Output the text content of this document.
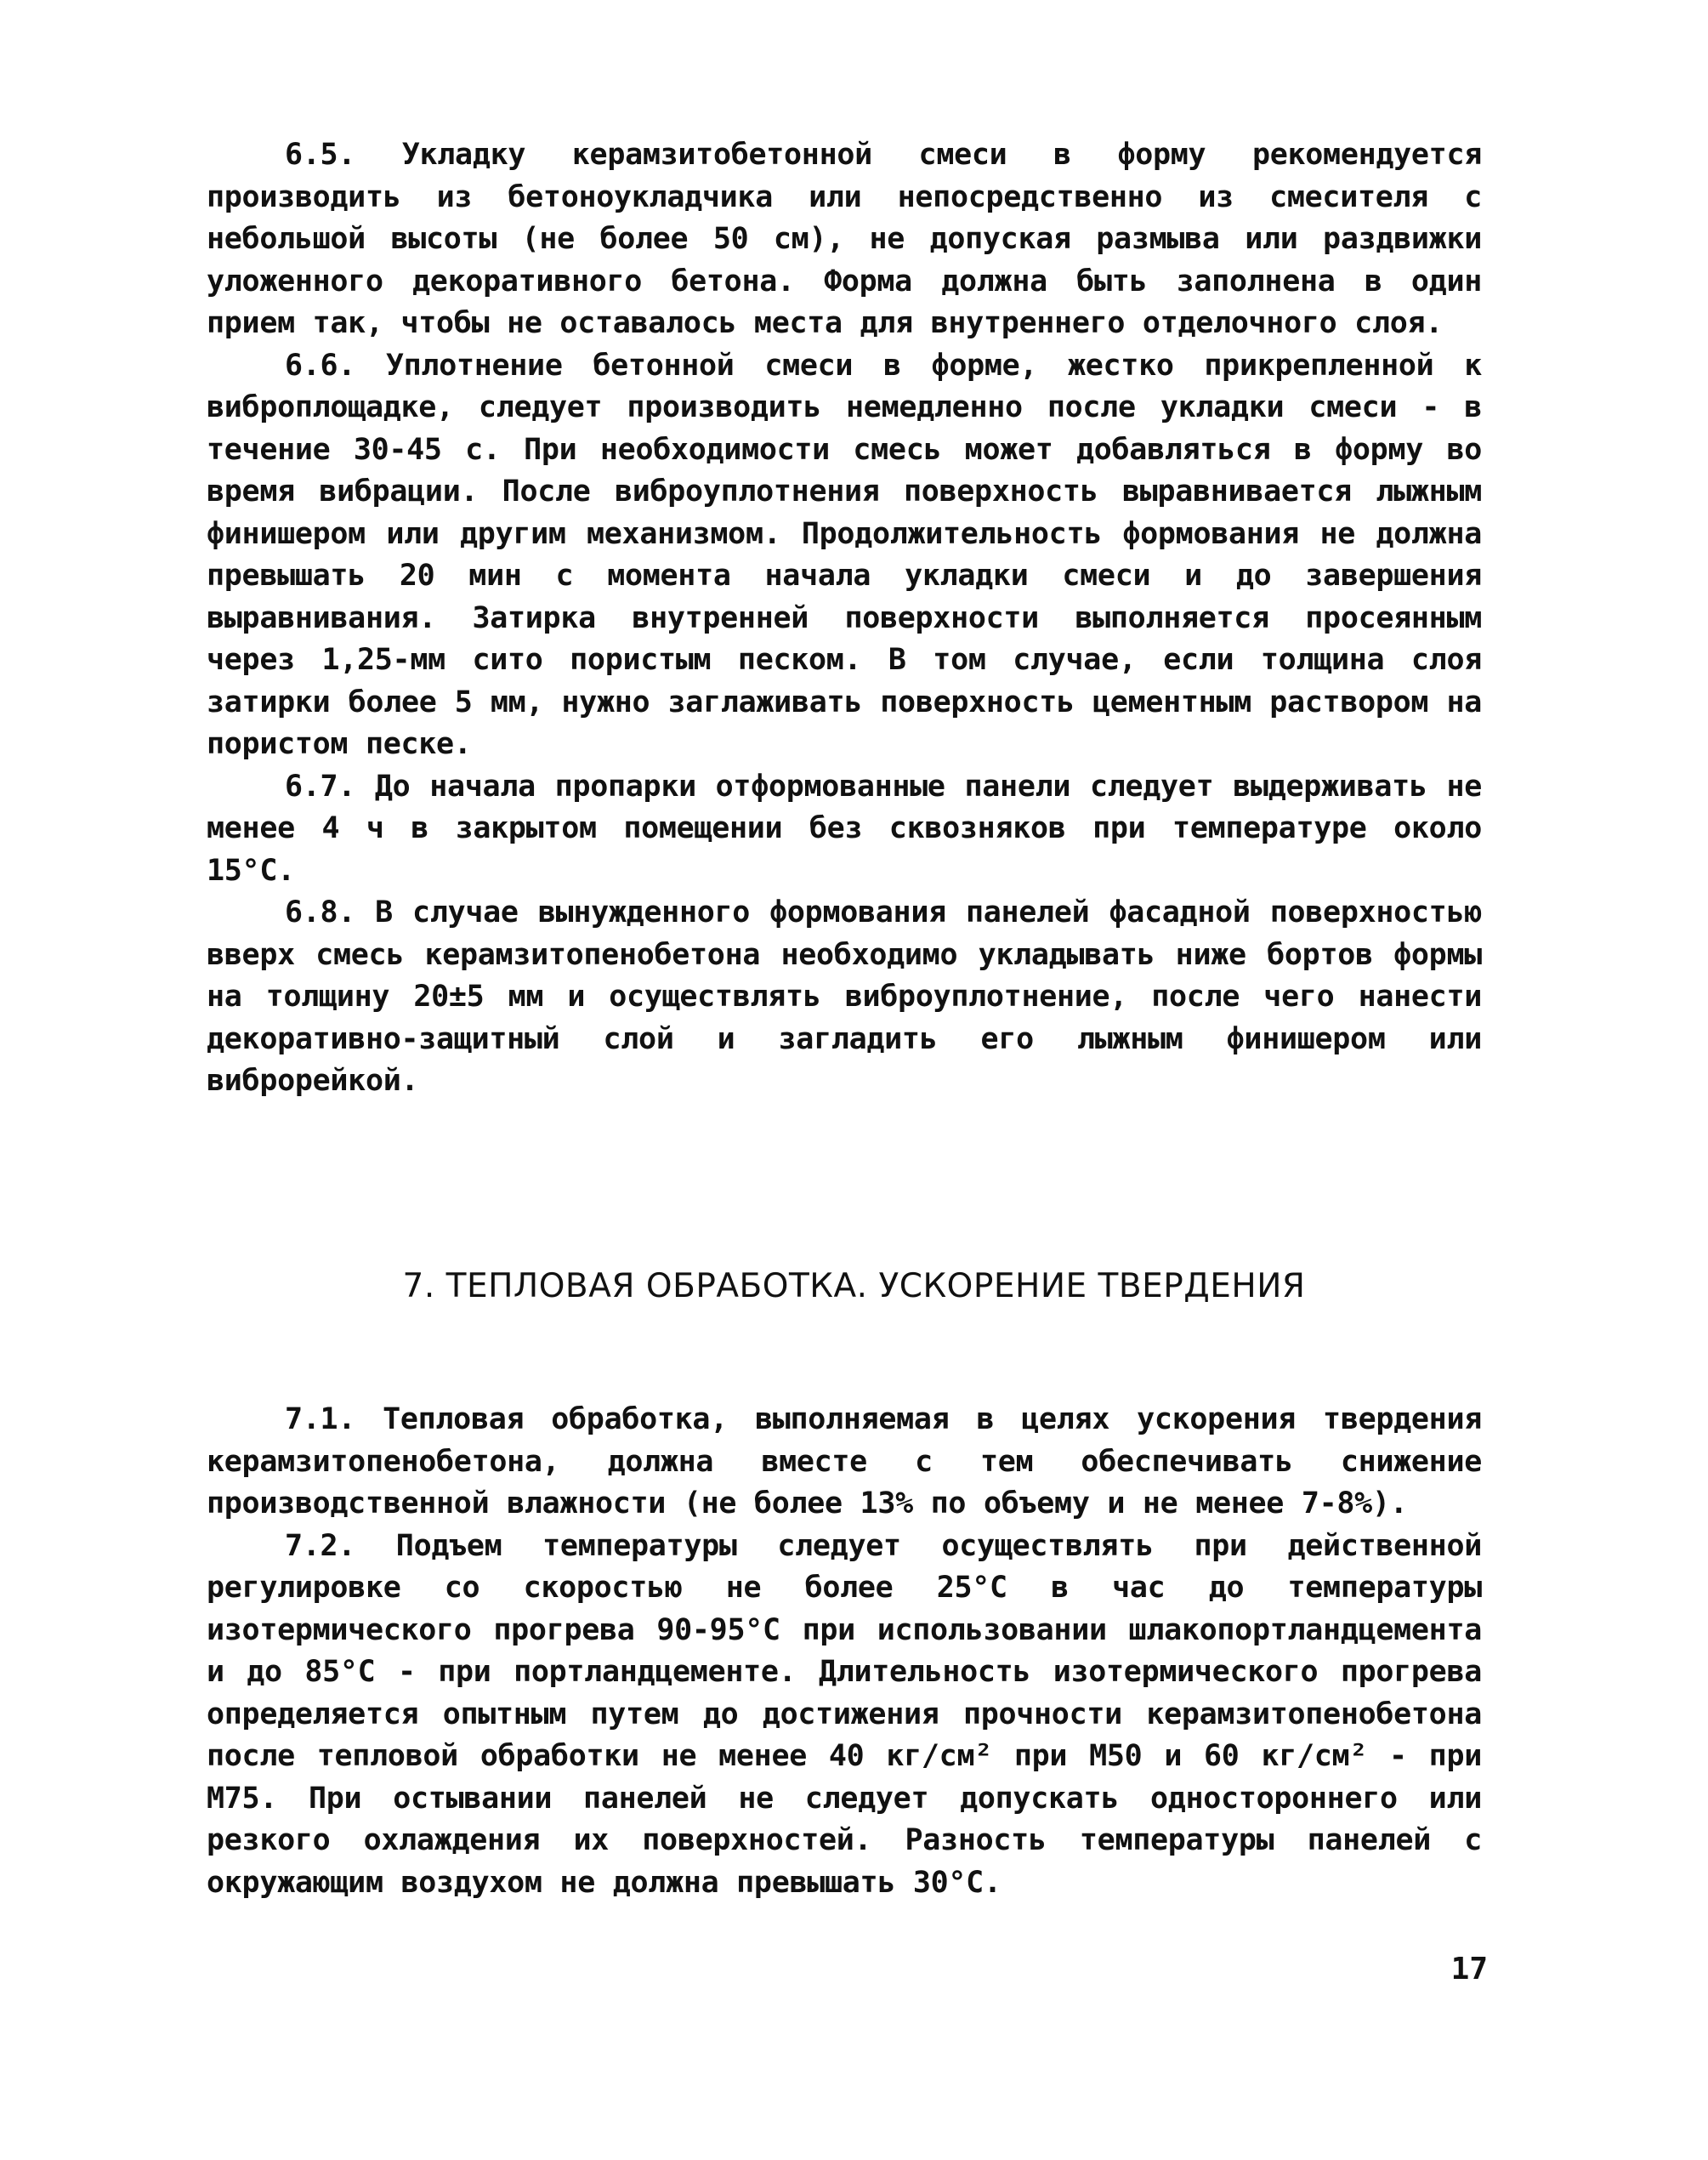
6.5. Укладку керамзитобетонной смеси в форму рекомендуется производить из бетоноукладчика или непосредственно из смесителя с небольшой высоты (не более 50 см), не допуская размыва или раздвижки уложенного декоративного бетона. Форма должна быть заполнена в один прием так, чтобы не оставалось места для внутреннего отделочного слоя.

6.6. Уплотнение бетонной смеси в форме, жестко прикрепленной к виброплощадке, следует производить немедленно после укладки смеси - в течение 30-45 с. При необходимости смесь может добавляться в форму во время вибрации. После виброуплотнения поверхность выравнивается лыжным финишером или другим механизмом. Продолжительность формования не должна превышать 20 мин с момента начала укладки смеси и до завершения выравнивания. Затирка внутренней поверхности выполняется просеянным через 1,25-мм сито пористым песком. В том случае, если толщина слоя затирки более 5 мм, нужно заглаживать поверхность цементным раствором на пористом песке.

6.7. До начала пропарки отформованные панели следует выдерживать не менее 4 ч в закрытом помещении без сквозняков при температуре около 15°С.

6.8. В случае вынужденного формования панелей фасадной поверхностью вверх смесь керамзитопенобетона необходимо укладывать ниже бортов формы на толщину 20±5 мм и осуществлять виброуплотнение, после чего нанести декоративно-защитный слой и загладить его лыжным финишером или виброрейкой.

7. ТЕПЛОВАЯ ОБРАБОТКА. УСКОРЕНИЕ ТВЕРДЕНИЯ

7.1. Тепловая обработка, выполняемая в целях ускорения твердения керамзитопенобетона, должна вместе с тем обеспечивать снижение производственной влажности (не более 13% по объему и не менее 7-8%).

7.2. Подъем температуры следует осуществлять при действенной регулировке со скоростью не более 25°С в час до температуры изотермического прогрева 90-95°С при использовании шлакопортландцемента и до 85°С - при портландцементе. Длительность изотермического прогрева определяется опытным путем до достижения прочности керамзитопенобетона после тепловой обработки не менее 40 кг/см² при М50 и 60 кг/см² - при М75. При остывании панелей не следует допускать одностороннего или резкого охлаждения их поверхностей. Разность температуры панелей с окружающим воздухом не должна превышать 30°С.

17
